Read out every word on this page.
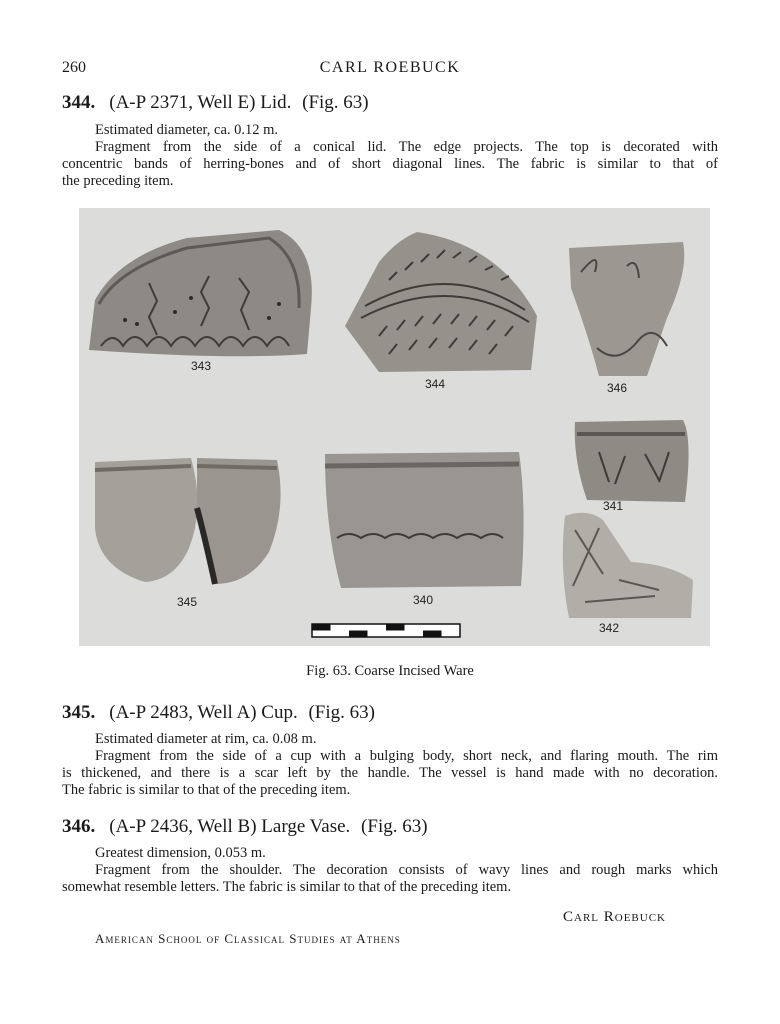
260	CARL ROEBUCK
344. (A-P 2371, Well E) Lid. (Fig. 63)
Estimated diameter, ca. 0.12 m.
Fragment from the side of a conical lid. The edge projects. The top is decorated with
concentric bands of herring-bones and of short diagonal lines. The fabric is similar to that of
the preceding item.
343
344	346
341
345	340
342
Fig. 63. Coarse Incised Ware
345. (A-P 2483, Well A) Cup. (Fig. 63)
Estimated diameter at rim, ca. 0.08 m.
Fragment from the side of a cup with a bulging body, short neck, and flaring mouth. The rim
is thickened, and there is a scar left by the handle. The vessel is hand made with no decoration.
The fabric is similar to that of the preceding item.
346. (A-P 2436, Well B) Large Vase. (Fig. 63)
Greatest dimension, 0.053 m.
Fragment from the shoulder. The decoration consists of wavy lines and rough marks which
somewhat resemble letters. The fabric is similar to that of the preceding item.
Carl Roebuck
American School of Classical Studies at Athens
